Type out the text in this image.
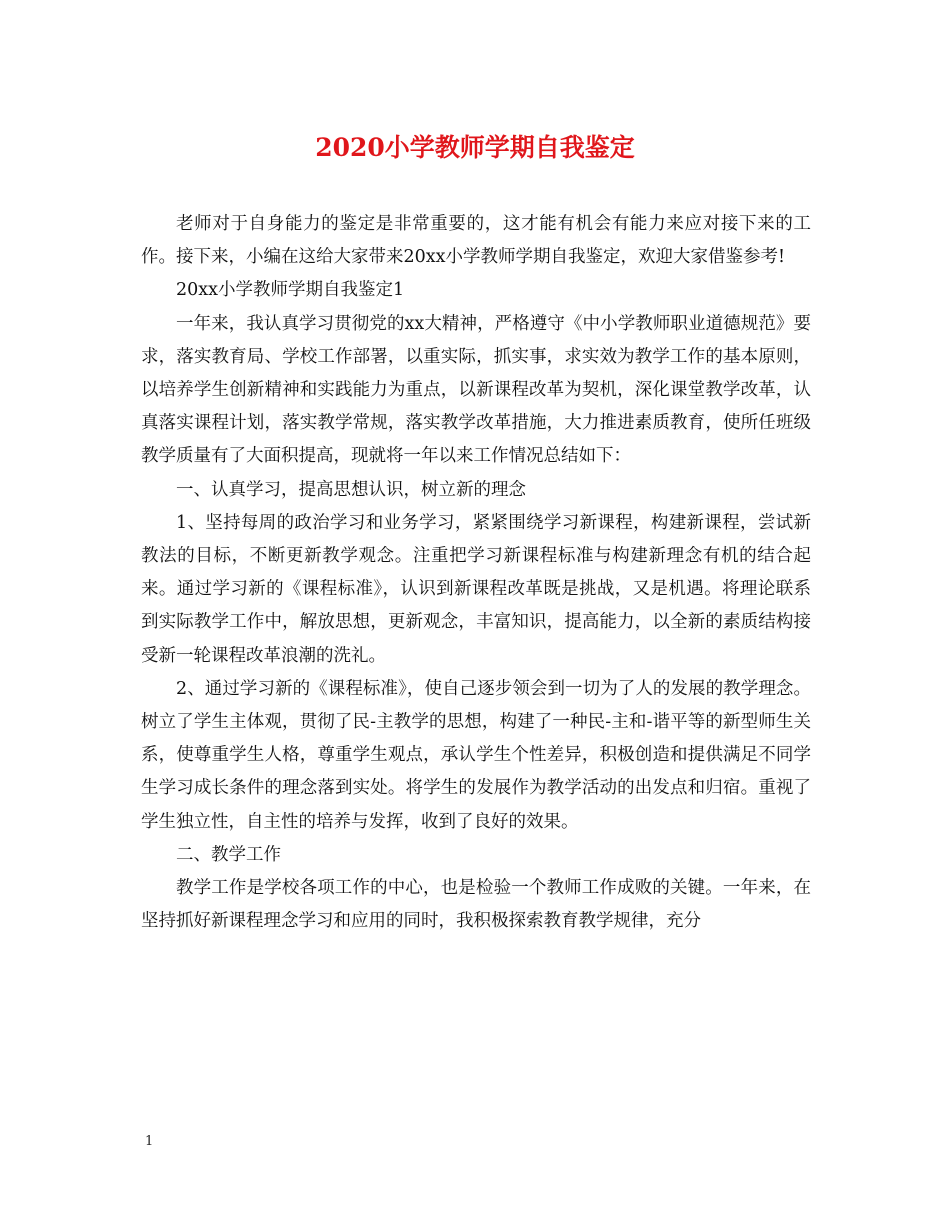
2020小学教师学期自我鉴定

老师对于自身能力的鉴定是非常重要的，这才能有机会有能力来应对接下来的工作。接下来，小编在这给大家带来20xx小学教师学期自我鉴定，欢迎大家借鉴参考!

20xx小学教师学期自我鉴定1

一年来，我认真学习贯彻党的xx大精神，严格遵守《中小学教师职业道德规范》要求，落实教育局、学校工作部署，以重实际，抓实事，求实效为教学工作的基本原则，以培养学生创新精神和实践能力为重点，以新课程改革为契机，深化课堂教学改革，认真落实课程计划，落实教学常规，落实教学改革措施，大力推进素质教育，使所任班级教学质量有了大面积提高，现就将一年以来工作情况总结如下：

一、认真学习，提高思想认识，树立新的理念

1、坚持每周的政治学习和业务学习，紧紧围绕学习新课程，构建新课程，尝试新教法的目标，不断更新教学观念。注重把学习新课程标准与构建新理念有机的结合起来。通过学习新的《课程标准》，认识到新课程改革既是挑战，又是机遇。将理论联系到实际教学工作中，解放思想，更新观念，丰富知识，提高能力，以全新的素质结构接受新一轮课程改革浪潮的洗礼。

2、通过学习新的《课程标准》，使自己逐步领会到一切为了人的发展的教学理念。树立了学生主体观，贯彻了民-主教学的思想，构建了一种民-主和-谐平等的新型师生关系，使尊重学生人格，尊重学生观点，承认学生个性差异，积极创造和提供满足不同学生学习成长条件的理念落到实处。将学生的发展作为教学活动的出发点和归宿。重视了学生独立性，自主性的培养与发挥，收到了良好的效果。

二、教学工作

教学工作是学校各项工作的中心，也是检验一个教师工作成败的关键。一年来，在坚持抓好新课程理念学习和应用的同时，我积极探索教育教学规律，充分

1
